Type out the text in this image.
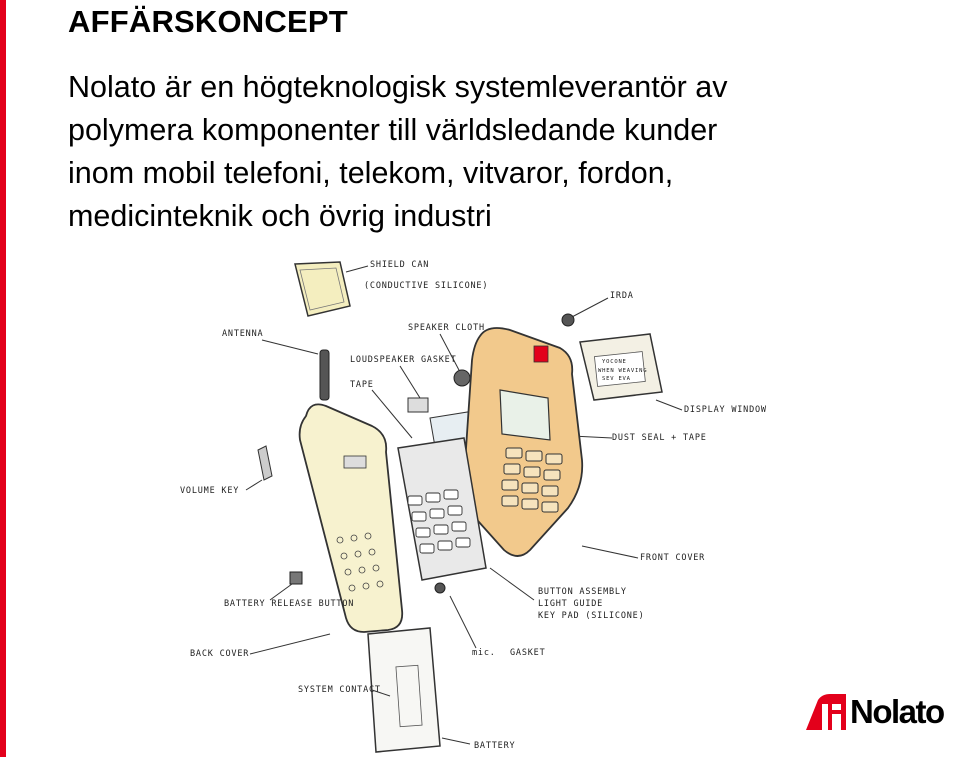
AFFÄRSKONCEPT
Nolato är en högteknologisk systemleverantör av
polymera komponenter till världsledande kunder
inom mobil telefoni, telekom, vitvaror, fordon,
medicinteknik och övrig industri
SHIELD CAN
(CONDUCTIVE SILICONE)
IRDA
ANTENNA
SPEAKER CLOTH
LOUDSPEAKER GASKET
TAPE
YOCONE
WHEN WEAVING
SEV EVA
DISPLAY WINDOW
DUST SEAL + TAPE
FRONT COVER
BUTTON ASSEMBLY
LIGHT GUIDE
KEY PAD (SILICONE)
BACK COVER
VOLUME KEY
BATTERY RELEASE BUTTON
mic. GASKET
SYSTEM CONTACT
BATTERY
Nolato
